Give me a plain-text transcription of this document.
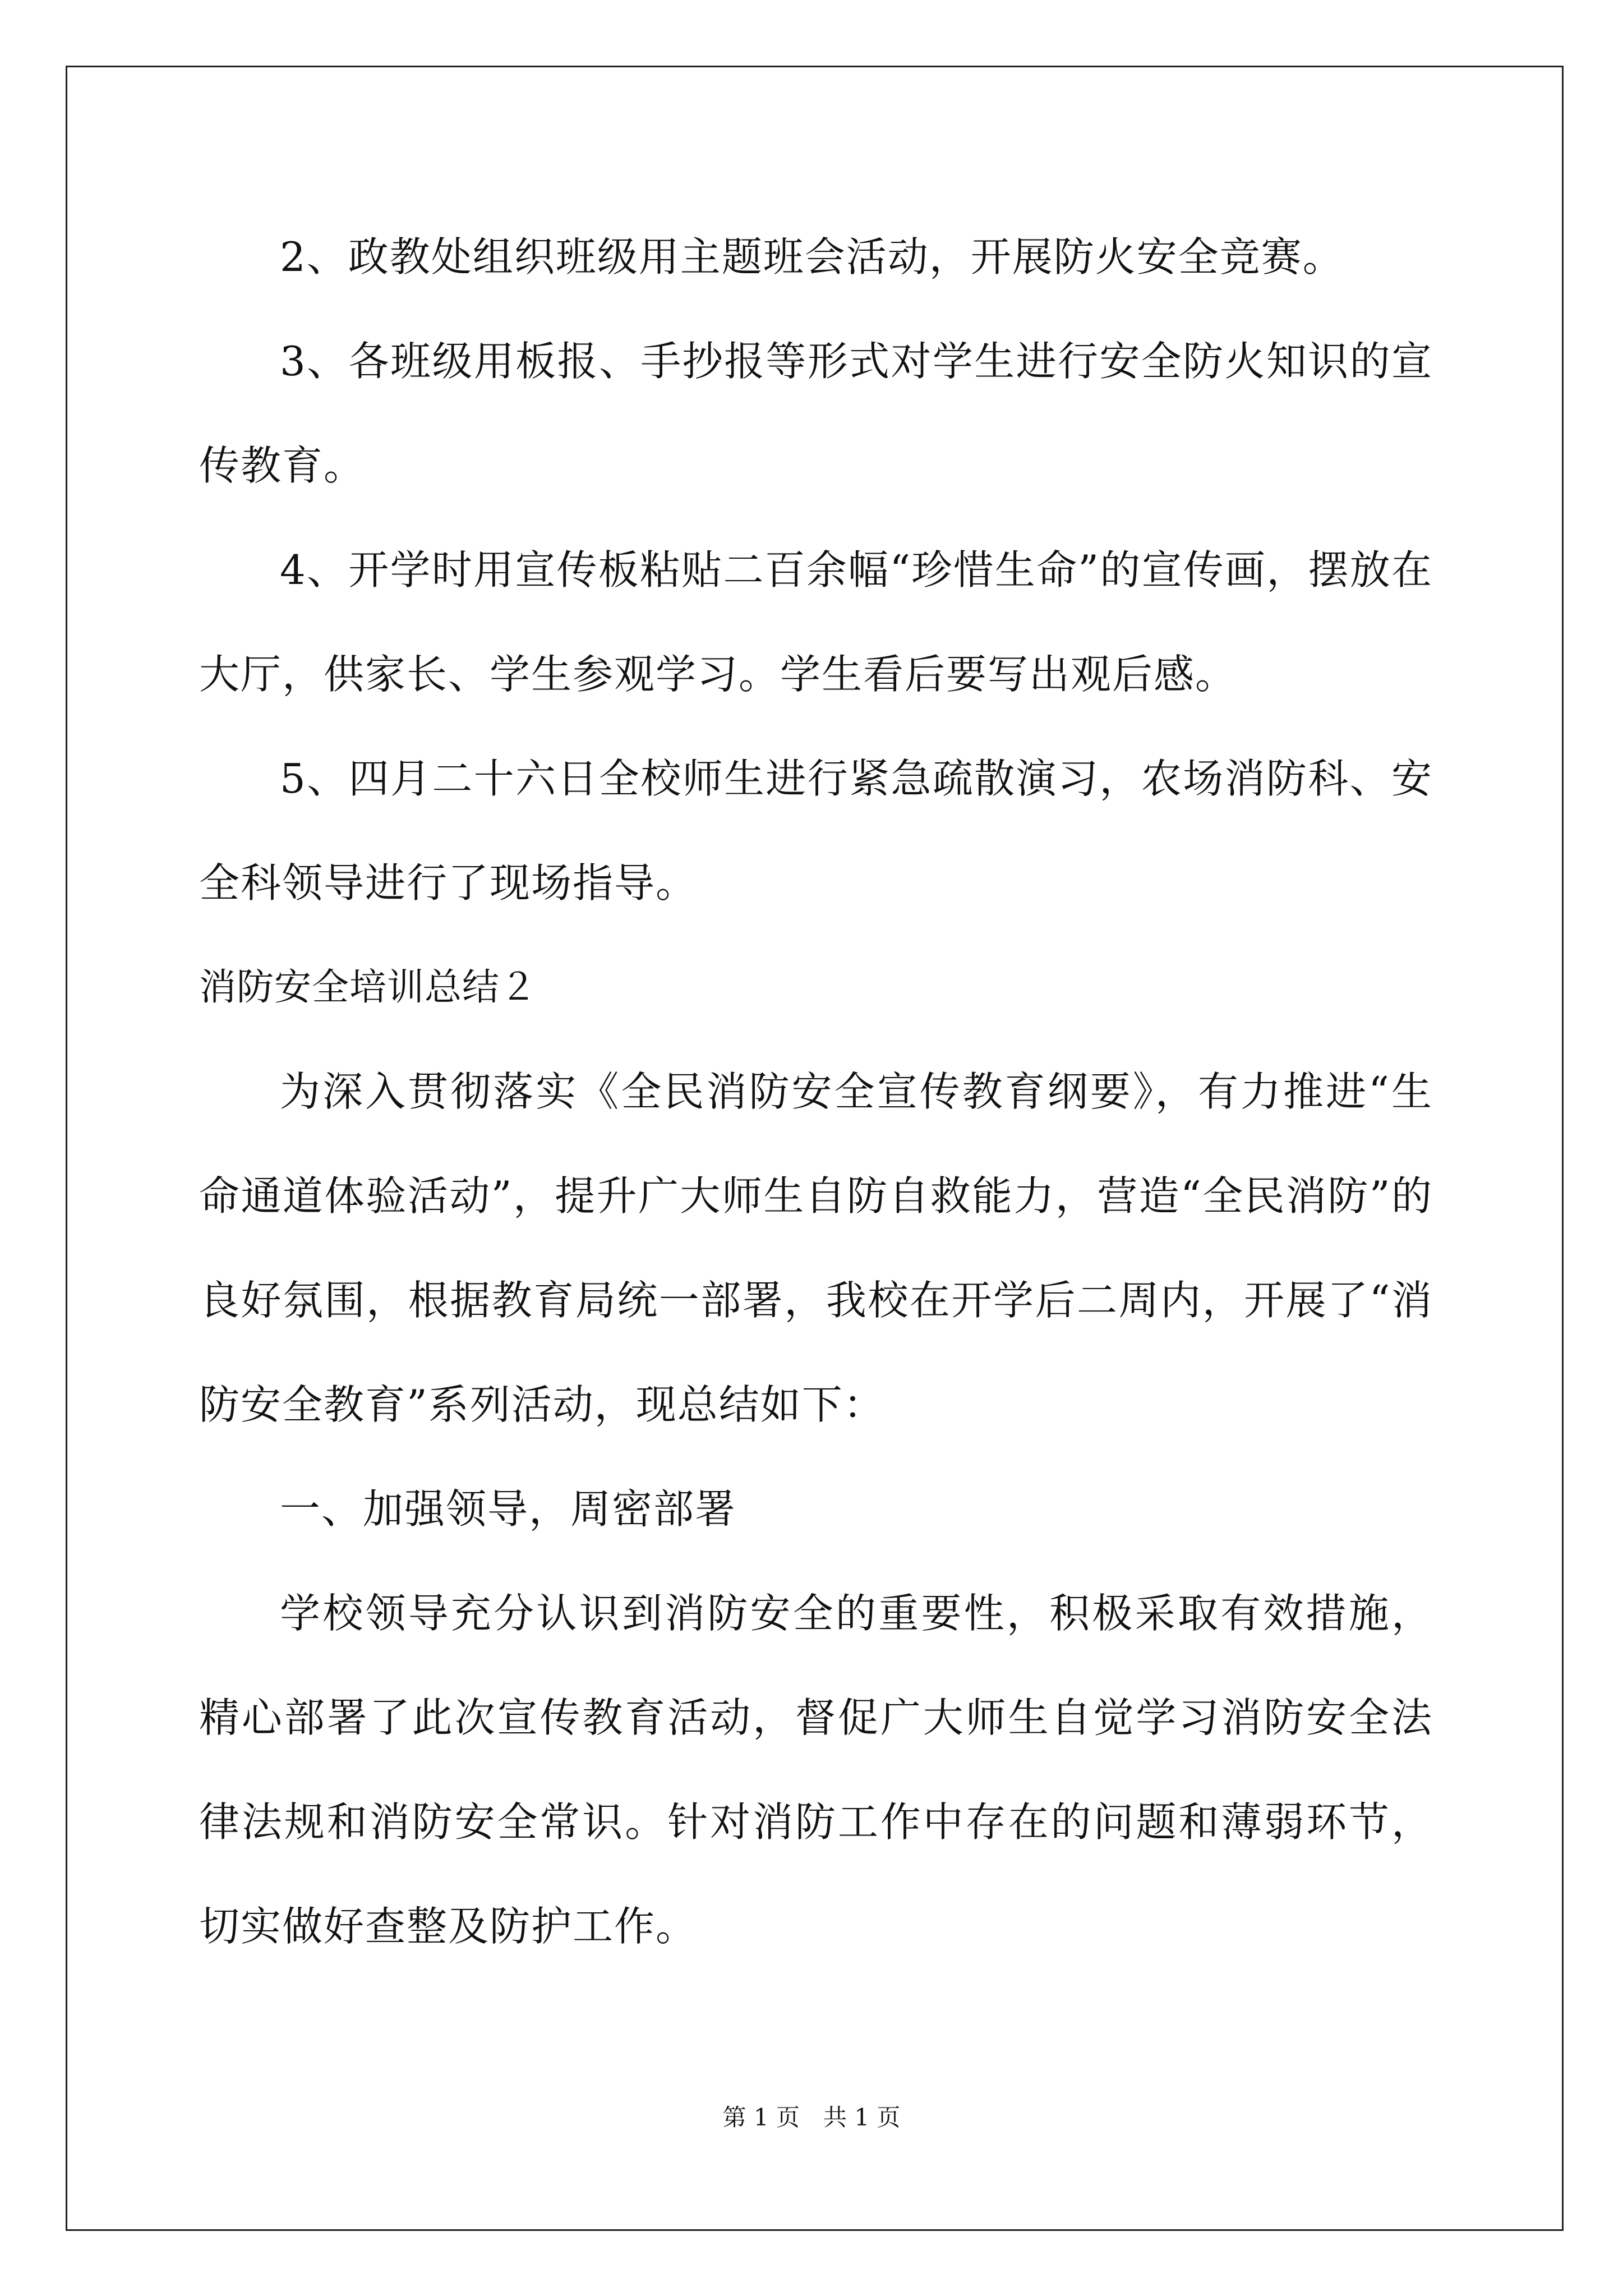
2、政教处组织班级用主题班会活动，开展防火安全竞赛。

3、各班级用板报、手抄报等形式对学生进行安全防火知识的宣传教育。

4、开学时用宣传板粘贴二百余幅“珍惜生命”的宣传画，摆放在大厅，供家长、学生参观学习。学生看后要写出观后感。

5、四月二十六日全校师生进行紧急疏散演习，农场消防科、安全科领导进行了现场指导。

消防安全培训总结２

为深入贯彻落实《全民消防安全宣传教育纲要》，有力推进“生命通道体验活动”，提升广大师生自防自救能力，营造“全民消防”的良好氛围，根据教育局统一部署，我校在开学后二周内，开展了“消防安全教育”系列活动，现总结如下：

一、加强领导，周密部署

学校领导充分认识到消防安全的重要性，积极采取有效措施，精心部署了此次宣传教育活动，督促广大师生自觉学习消防安全法律法规和消防安全常识。针对消防工作中存在的问题和薄弱环节，切实做好查整及防护工作。

第 1 页　共 1 页
